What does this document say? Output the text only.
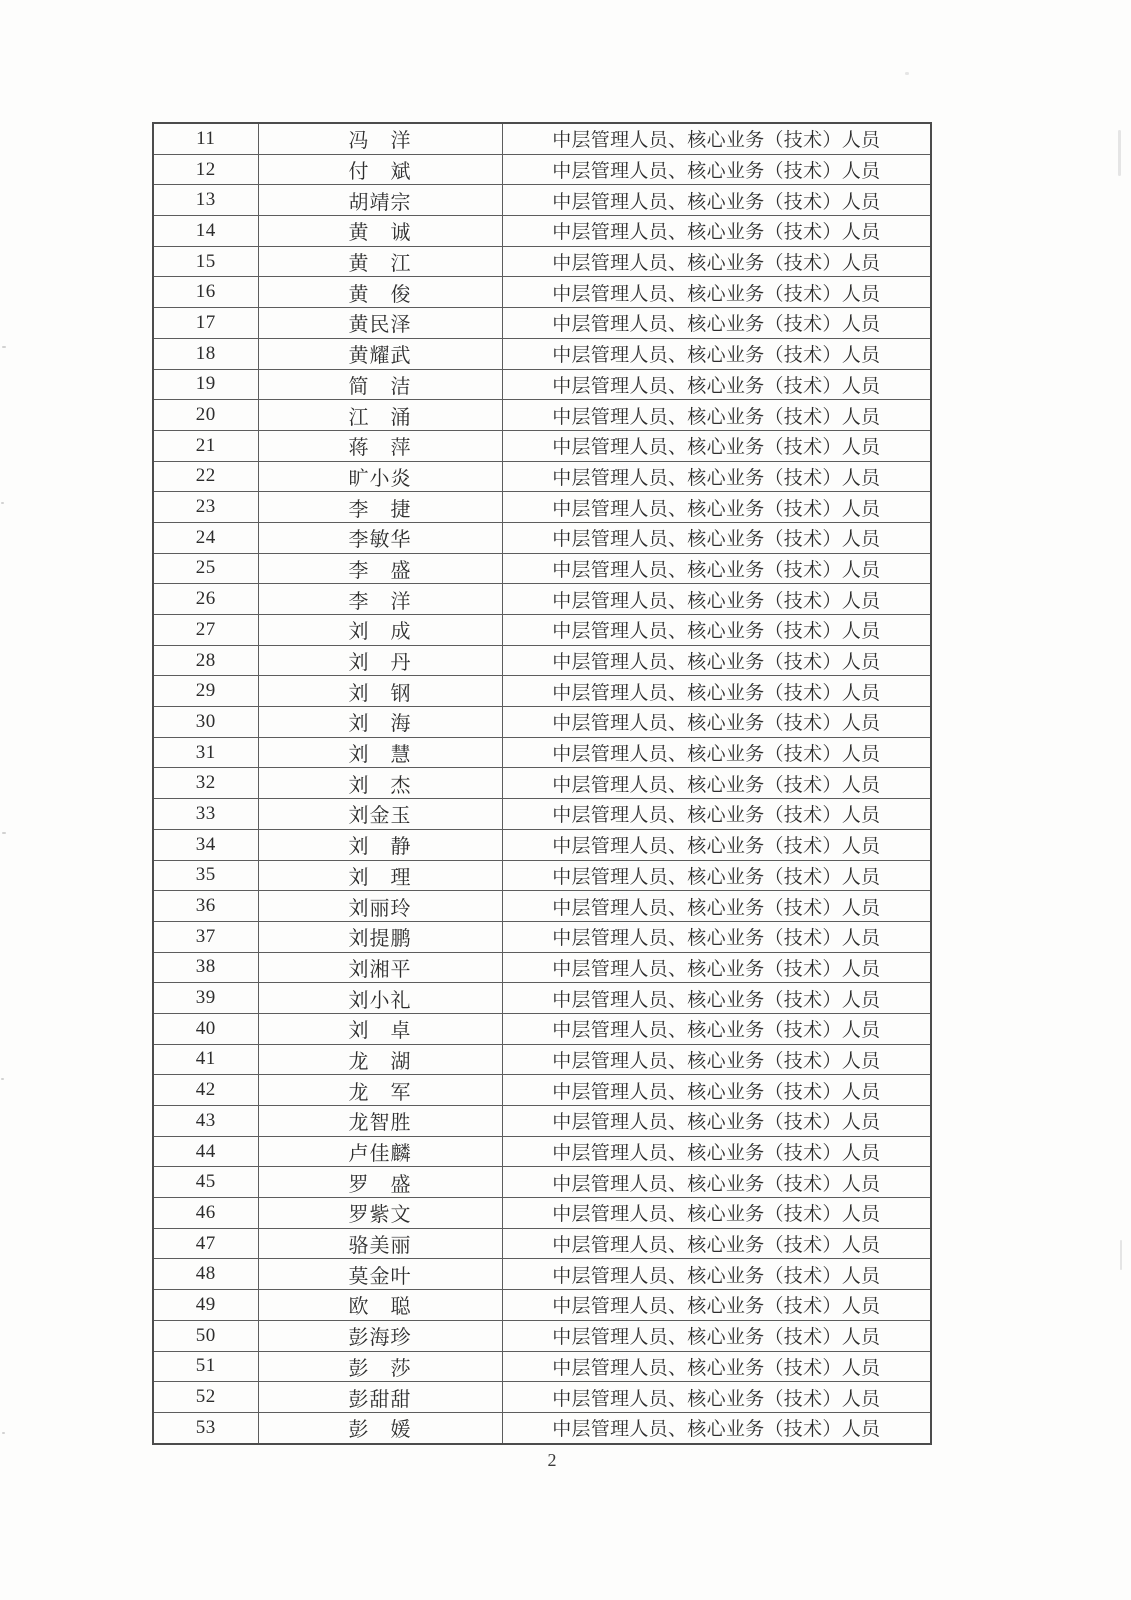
11	冯　洋	中层管理人员、核心业务（技术）人员
12	付　斌	中层管理人员、核心业务（技术）人员
13	胡靖宗	中层管理人员、核心业务（技术）人员
14	黄　诚	中层管理人员、核心业务（技术）人员
15	黄　江	中层管理人员、核心业务（技术）人员
16	黄　俊	中层管理人员、核心业务（技术）人员
17	黄民泽	中层管理人员、核心业务（技术）人员
18	黄耀武	中层管理人员、核心业务（技术）人员
19	简　洁	中层管理人员、核心业务（技术）人员
20	江　涌	中层管理人员、核心业务（技术）人员
21	蒋　萍	中层管理人员、核心业务（技术）人员
22	旷小炎	中层管理人员、核心业务（技术）人员
23	李　捷	中层管理人员、核心业务（技术）人员
24	李敏华	中层管理人员、核心业务（技术）人员
25	李　盛	中层管理人员、核心业务（技术）人员
26	李　洋	中层管理人员、核心业务（技术）人员
27	刘　成	中层管理人员、核心业务（技术）人员
28	刘　丹	中层管理人员、核心业务（技术）人员
29	刘　钢	中层管理人员、核心业务（技术）人员
30	刘　海	中层管理人员、核心业务（技术）人员
31	刘　慧	中层管理人员、核心业务（技术）人员
32	刘　杰	中层管理人员、核心业务（技术）人员
33	刘金玉	中层管理人员、核心业务（技术）人员
34	刘　静	中层管理人员、核心业务（技术）人员
35	刘　理	中层管理人员、核心业务（技术）人员
36	刘丽玲	中层管理人员、核心业务（技术）人员
37	刘提鹏	中层管理人员、核心业务（技术）人员
38	刘湘平	中层管理人员、核心业务（技术）人员
39	刘小礼	中层管理人员、核心业务（技术）人员
40	刘　卓	中层管理人员、核心业务（技术）人员
41	龙　湖	中层管理人员、核心业务（技术）人员
42	龙　军	中层管理人员、核心业务（技术）人员
43	龙智胜	中层管理人员、核心业务（技术）人员
44	卢佳麟	中层管理人员、核心业务（技术）人员
45	罗　盛	中层管理人员、核心业务（技术）人员
46	罗紫文	中层管理人员、核心业务（技术）人员
47	骆美丽	中层管理人员、核心业务（技术）人员
48	莫金叶	中层管理人员、核心业务（技术）人员
49	欧　聪	中层管理人员、核心业务（技术）人员
50	彭海珍	中层管理人员、核心业务（技术）人员
51	彭　莎	中层管理人员、核心业务（技术）人员
52	彭甜甜	中层管理人员、核心业务（技术）人员
53	彭　媛	中层管理人员、核心业务（技术）人员
2
